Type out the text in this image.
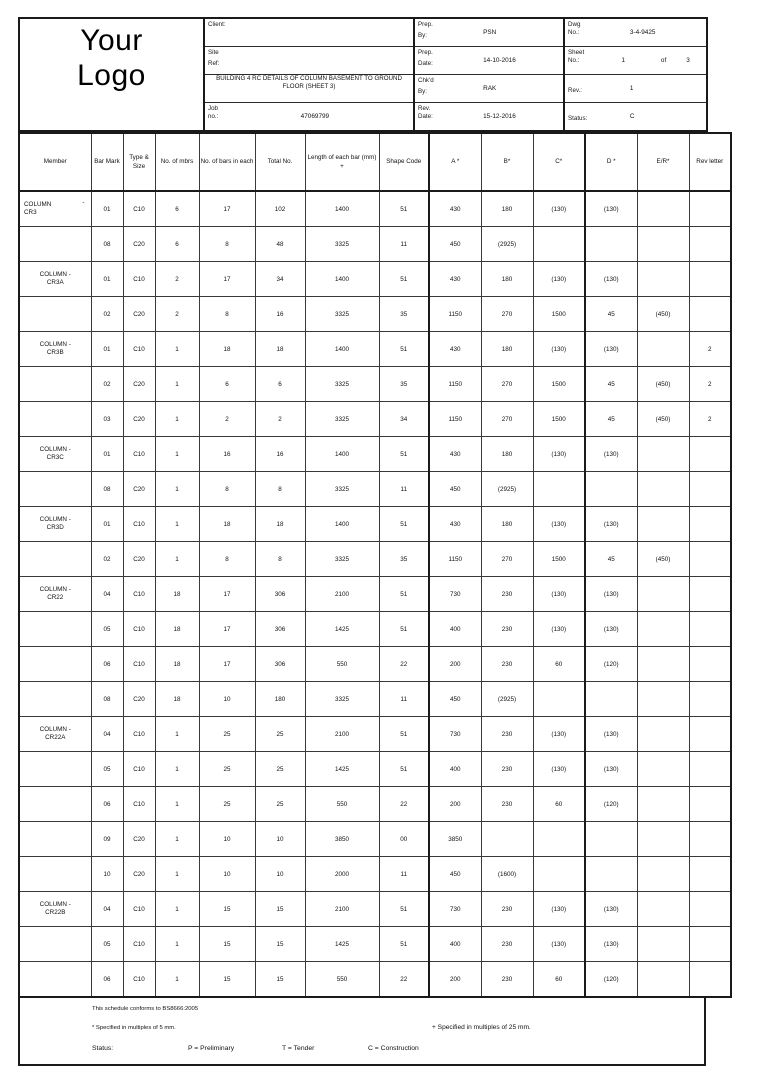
Your
Logo

Client:	Prep.
By:	PSN

Dwg
No.:	3-4-9425

	Site
Ref:	Prep.
Date: 14-10-2016	Sheet
No.: 1 of 3

	BUILDING 4 RC DETAILS OF COLUMN BASEMENT TO GROUND FLOOR (SHEET 3)	Chk'd
By: RAK	Rev.: 1

	Job
no.: 47069799	Rev.
Date: 15-12-2016	Status: C
Member	Bar Mark	Type & Size	No. of mbrs	No. of bars in each	Total No.	Length of each bar (mm) +	Shape Code	A *	B*	C*	D *	E/R*	Rev letter
COLUMN
CR3
-	01	C10	6	17	102	1400	51	430	180	(130)	(130)		
	08	C20	6	8	48	3325	11	450	(2925)				
COLUMN -
CR3A	01	C10	2	17	34	1400	51	430	180	(130)	(130)		
	02	C20	2	8	16	3325	35	1150	270	1500	45	(450)	
COLUMN -
CR3B	01	C10	1	18	18	1400	51	430	180	(130)	(130)		2
	02	C20	1	6	6	3325	35	1150	270	1500	45	(450)	2
	03	C20	1	2	2	3325	34	1150	270	1500	45	(450)	2
COLUMN -
CR3C	01	C10	1	16	16	1400	51	430	180	(130)	(130)		
	08	C20	1	8	8	3325	11	450	(2925)				
COLUMN -
CR3D	01	C10	1	18	18	1400	51	430	180	(130)	(130)		
	02	C20	1	8	8	3325	35	1150	270	1500	45	(450)	
COLUMN -
CR22	04	C10	18	17	306	2100	51	730	230	(130)	(130)		
	05	C10	18	17	306	1425	51	400	230	(130)	(130)		
	06	C10	18	17	306	550	22	200	230	60	(120)		
	08	C20	18	10	180	3325	11	450	(2925)				
COLUMN -
CR22A	04	C10	1	25	25	2100	51	730	230	(130)	(130)		
	05	C10	1	25	25	1425	51	400	230	(130)	(130)		
	06	C10	1	25	25	550	22	200	230	60	(120)		
	09	C20	1	10	10	3850	00	3850					
	10	C20	1	10	10	2000	11	450	(1600)				
COLUMN -
CR22B	04	C10	1	15	15	2100	51	730	230	(130)	(130)		
	05	C10	1	15	15	1425	51	400	230	(130)	(130)		
	06	C10	1	15	15	550	22	200	230	60	(120)		
This schedule conforms to BS8666:2005
* Specified in multiples of 5 mm.	+ Specified in multiples of 25 mm.
Status:	P = Preliminary	T = Tender	C = Construction
